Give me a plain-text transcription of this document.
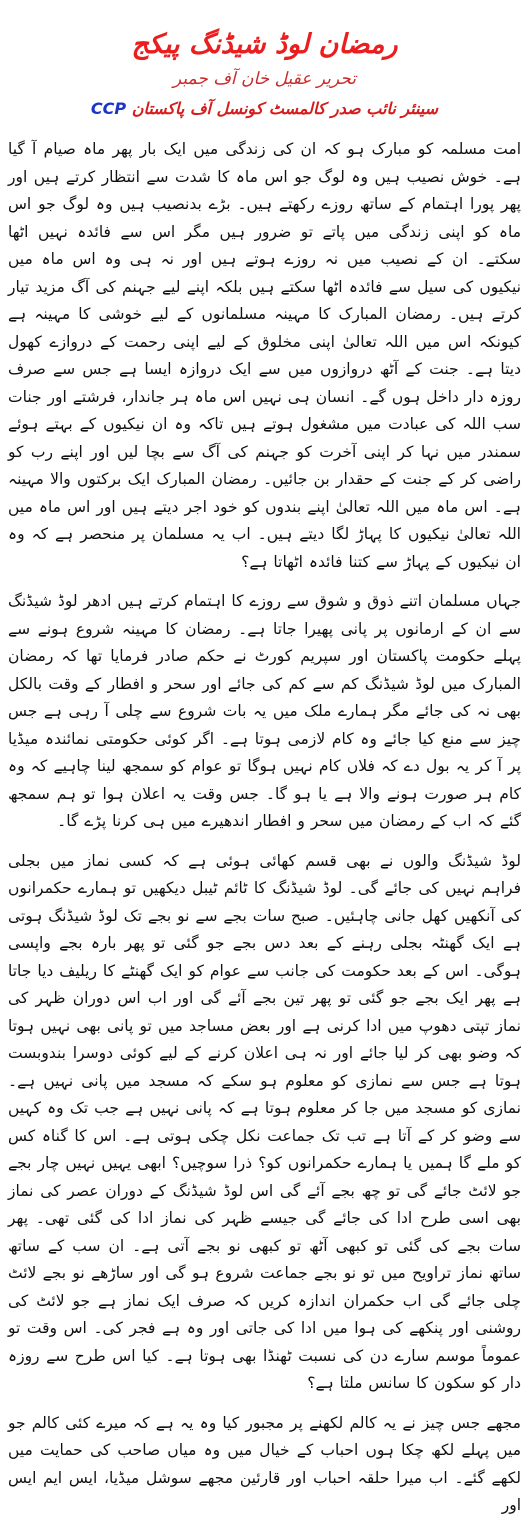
رمضان لوڈ شیڈنگ پیکج

تحریر عقیل خان آف جمبر

سینئر نائب صدر کالمسٹ کونسل آف پاکستان CCP

امت مسلمہ کو مبارک ہو کہ ان کی زندگی میں ایک بار پھر ماہ صیام آ گیا ہے۔ خوش نصیب ہیں وہ لوگ جو اس ماہ کا شدت سے انتظار کرتے ہیں اور پھر پورا اہتمام کے ساتھ روزے رکھتے ہیں۔ بڑے بدنصیب ہیں وہ لوگ جو اس ماہ کو اپنی زندگی میں پاتے تو ضرور ہیں مگر اس سے فائدہ نہیں اٹھا سکتے۔ ان کے نصیب میں نہ روزے ہوتے ہیں اور نہ ہی وہ اس ماہ میں نیکیوں کی سیل سے فائدہ اٹھا سکتے ہیں بلکہ اپنے لیے جہنم کی آگ مزید تیار کرتے ہیں۔ رمضان المبارک کا مہینہ مسلمانوں کے لیے خوشی کا مہینہ ہے کیونکہ اس میں اللہ تعالیٰ اپنی مخلوق کے لیے اپنی رحمت کے دروازے کھول دیتا ہے۔ جنت کے آٹھ دروازوں میں سے ایک دروازہ ایسا ہے جس سے صرف روزہ دار داخل ہوں گے۔ انسان ہی نہیں اس ماہ ہر جاندار، فرشتے اور جنات سب اللہ کی عبادت میں مشغول ہوتے ہیں تاکہ وہ ان نیکیوں کے بہتے ہوئے سمندر میں نہا کر اپنی آخرت کو جہنم کی آگ سے بچا لیں اور اپنے رب کو راضی کر کے جنت کے حقدار بن جائیں۔ رمضان المبارک ایک برکتوں والا مہینہ ہے۔ اس ماہ میں اللہ تعالیٰ اپنے بندوں کو خود اجر دیتے ہیں اور اس ماہ میں اللہ تعالیٰ نیکیوں کا پہاڑ لگا دیتے ہیں۔ اب یہ مسلمان پر منحصر ہے کہ وہ ان نیکیوں کے پہاڑ سے کتنا فائدہ اٹھاتا ہے؟

جہاں مسلمان اتنے ذوق و شوق سے روزے کا اہتمام کرتے ہیں ادھر لوڈ شیڈنگ سے ان کے ارمانوں پر پانی پھیرا جاتا ہے۔ رمضان کا مہینہ شروع ہونے سے پہلے حکومت پاکستان اور سپریم کورٹ نے حکم صادر فرمایا تھا کہ رمضان المبارک میں لوڈ شیڈنگ کم سے کم کی جائے اور سحر و افطار کے وقت بالکل بھی نہ کی جائے مگر ہمارے ملک میں یہ بات شروع سے چلی آ رہی ہے جس چیز سے منع کیا جائے وہ کام لازمی ہوتا ہے۔ اگر کوئی حکومتی نمائندہ میڈیا پر آ کر یہ بول دے کہ فلاں کام نہیں ہوگا تو عوام کو سمجھ لینا چاہیے کہ وہ کام ہر صورت ہونے والا ہے یا ہو گا۔ جس وقت یہ اعلان ہوا تو ہم سمجھ گئے کہ اب کے رمضان میں سحر و افطار اندھیرے میں ہی کرنا پڑے گا۔

لوڈ شیڈنگ والوں نے بھی قسم کھائی ہوئی ہے کہ کسی نماز میں بجلی فراہم نہیں کی جائے گی۔ لوڈ شیڈنگ کا ٹائم ٹیبل دیکھیں تو ہمارے حکمرانوں کی آنکھیں کھل جانی چاہئیں۔ صبح سات بجے سے نو بجے تک لوڈ شیڈنگ ہوتی ہے ایک گھنٹہ بجلی رہنے کے بعد دس بجے جو گئی تو پھر بارہ بجے واپسی ہوگی۔ اس کے بعد حکومت کی جانب سے عوام کو ایک گھنٹے کا ریلیف دیا جاتا ہے پھر ایک بجے جو گئی تو پھر تین بجے آئے گی اور اب اس دوران ظہر کی نماز تپتی دھوپ میں ادا کرنی ہے اور بعض مساجد میں تو پانی بھی نہیں ہوتا کہ وضو بھی کر لیا جائے اور نہ ہی اعلان کرنے کے لیے کوئی دوسرا بندوبست ہوتا ہے جس سے نمازی کو معلوم ہو سکے کہ مسجد میں پانی نہیں ہے۔ نمازی کو مسجد میں جا کر معلوم ہوتا ہے کہ پانی نہیں ہے جب تک وہ کہیں سے وضو کر کے آتا ہے تب تک جماعت نکل چکی ہوتی ہے۔ اس کا گناہ کس کو ملے گا ہمیں یا ہمارے حکمرانوں کو؟ ذرا سوچیں؟ ابھی یہیں نہیں چار بجے جو لائٹ جائے گی تو چھ بجے آئے گی اس لوڈ شیڈنگ کے دوران عصر کی نماز بھی اسی طرح ادا کی جائے گی جیسے ظہر کی نماز ادا کی گئی تھی۔ پھر سات بجے کی گئی تو کبھی آٹھ تو کبھی نو بجے آتی ہے۔ ان سب کے ساتھ ساتھ نماز تراویح میں تو نو بجے جماعت شروع ہو گی اور ساڑھے نو بجے لائٹ چلی جائے گی اب حکمران اندازہ کریں کہ صرف ایک نماز ہے جو لائٹ کی روشنی اور پنکھے کی ہوا میں ادا کی جاتی اور وہ ہے فجر کی۔ اس وقت تو عموماً موسم سارے دن کی نسبت ٹھنڈا بھی ہوتا ہے۔ کیا اس طرح سے روزہ دار کو سکون کا سانس ملتا ہے؟

مجھے جس چیز نے یہ کالم لکھنے پر مجبور کیا وہ یہ ہے کہ میرے کئی کالم جو میں پہلے لکھ چکا ہوں احباب کے خیال میں وہ میاں صاحب کی حمایت میں لکھے گئے۔ اب میرا حلقہ احباب اور قارئین مجھے سوشل میڈیا، ایس ایم ایس اور
